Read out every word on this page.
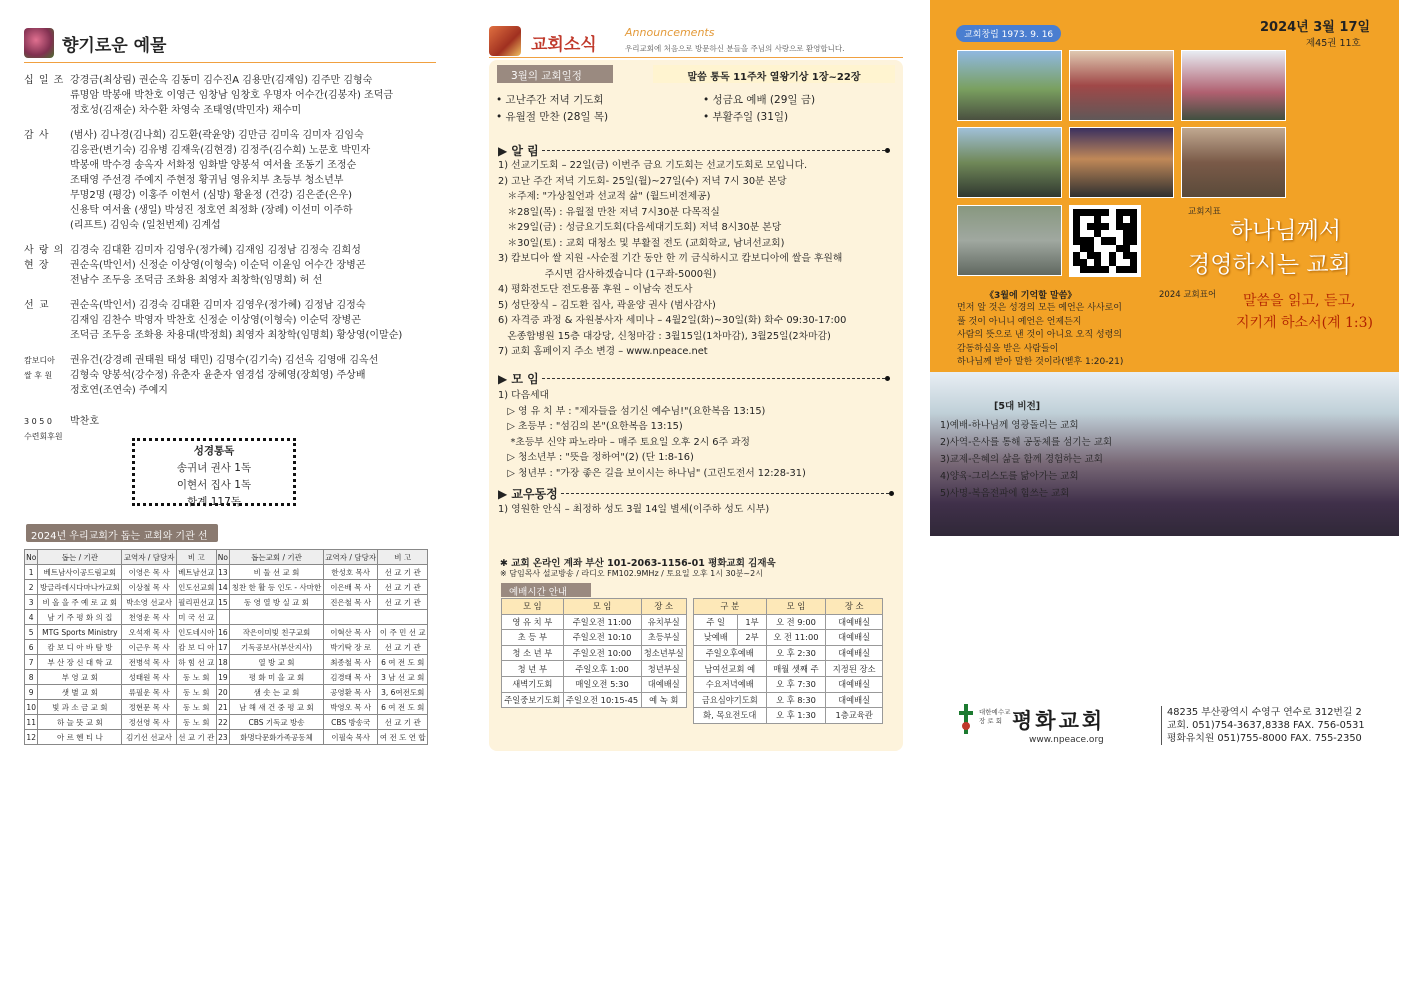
향기로운 예물
십 일 조 강경금(최상림) 권순옥 김동미 김수진A 김용만(김재임) 김주만 김형숙
류명암 박봉애 박찬호 이영근 임창남 임창호 우명자 어수간(김봉자) 조덕금
정호성(김재순) 차수환 차영숙 조태영(박민자) 채수미
감 사	(범사) 김나경(김나희) 김도환(곽윤양) 김만금 김미옥 김미자 김임숙
김응관(변기숙) 김유병 김재욱(김현경) 김정주(김수희) 노문호 박민자
박봉애 박수경 송옥자 서화정 임화발 양봉석 여서율 조동기 조정순
조태영 주선경 주예지 주현정 황귀님 영유치부 초등부 청소년부
무명2명 (평강) 이홍주 이현서 (심방) 황윤정 (건강) 김은준(은우)
신용탁 여서율 (생일) 박성진 정호연 최정화 (장례) 이선미 이주하
(리프트) 김임숙 (일천번제) 김계섭
사 랑 의
현 장
김경숙 김대환 김미자 김영우(정가혜) 김재임 김정남 김정숙 김희성
권순옥(박인서) 신정순 이상영(이형숙) 이순덕 이윤임 어수간 장병곤
전남수 조두응 조덕금 조화용 최영자 최창학(임명희) 허 선
선 교	권순옥(박인서) 김경숙 김대환 김미자 김영우(정가혜) 김정남 김정숙
김재임 김찬수 박영자 박찬호 신정순 이상영(이형숙) 이순덕 장병곤
조덕금 조두응 조화용 차용대(박정희) 최영자 최창학(임명희) 황상영(이말순)
캄보디아
쌀 후 원
권유건(강경례 권태원 태성 태민) 김명수(김기숙) 김선옥 김영애 김옥선
김형숙 양봉석(강수정) 유춘자 윤춘자 염경섭 장혜영(장희영) 주상배
정호연(조연숙) 주예지
3 0 5 0
수련회후원
박찬호
성경통독
송귀녀 권사 1독
이현서 집사 1독
합계 117독
2024년 우리교회가 돕는 교회와 기관 선
No	돕는 / 기관	교역자 / 담당자	비 고	No	돕는교회 / 기관	교역자 / 담당자	비 고
1	베트남사이공드림교회	이영은 목 사	베트남선교	13	비 둘 선 교 회	한성호 목사	선 교 기 관
2	방글라데시다마나카교회	이상철 목 사	인도선교회	14	칭찬 한 활 등 인도 - 사마한	이은배 목 사	선 교 기 관
3	비 올 을 주 예 로 교 회	박소영 선교사	필리핀선교	15	동 영 열 방 실 교 회	진은철 목 사	선 교 기 관
4	남 기 주 평 화 의 집	천영운 목 사	미 국 선 교				
5	MTG Sports Ministry	오석재 목 사	인도네시아	16	작은이미빛 친구교회	이혁산 목 사	이 주 민 선 교
6	캄 보 디 아 바 탐 방	이근우 목 사	캄 보 디 아	17	기독공보사(부산지사)	박기탁 장 로	선 교 기 관
7	부 산 장 신 대 학 교	전병석 목 사	하 힘 선 교	18	열 방 교 회	최종철 목 사	6 여 전 도 회
8	부 영 교 회	성태원 목 사	동 노 회	19	평 화 미 을 교 회	김경태 목 사	3 남 선 교 회
9	샛 별 교 회	류필운 목 사	동 노 회	20	샘 솟 는 교 회	공영환 목 사	3, 6여전도회
10	빛 과 소 금 교 회	정현문 목 사	동 노 회	21	남 해 새 건 중 평 교 회	박영오 목 사	6 여 전 도 회
11	하 늘 뜻 교 회	정선영 목 사	동 노 회	22	CBS 기독교 방송	CBS 방송국	선 교 기 관
12	아 르 헨 티 나	김기선 선교사	선 교 기 관	23	화명다문화가족공동체	이필숙 목사	여 전 도 연 합
교회소식
Announcements
우리교회에 처음으로 방문하신 분들을 주님의 사랑으로 환영합니다.
3월의 교회일정	말씀 통독 11주차 열왕기상 1장~22장
• 고난주간 저녁 기도회
• 유월절 만찬 (28일 목)
• 성금요 예배 (29일 금)
• 부활주일 (31일)
▶ 알 림
1) 선교기도회 – 22일(금) 이번주 금요 기도회는 선교기도회로 모입니다.
2) 고난 주간 저녁 기도회- 25일(월)~27일(수) 저녁 7시 30분 본당
＊주제: "가상칠언과 선교적 삶" (월드비전제공)
＊28일(목) : 유월절 만찬 저녁 7시30분 다목적실
＊29일(금) : 성금요기도회(다음세대기도회) 저녁 8시30분 본당
＊30일(토) : 교회 대청소 및 부활절 전도 (교회학교, 남녀선교회)
3) 캄보디아 쌀 지원 -사순절 기간 동안 한 끼 금식하시고 캄보디아에 쌀을 후원해
주시면 감사하겠습니다 (1구좌-5000원)
4) 평화전도단 전도용품 후원 – 이남숙 전도사
5) 성단장식 – 김도환 집사, 곽윤양 권사 (범사감사)
6) 자격증 과정 & 자원봉사자 세미나 – 4월2일(화)~30일(화) 화수 09:30-17:00
온종합병원 15층 대강당, 신청마감 : 3월15일(1차마감), 3월25일(2차마감)
7) 교회 홈페이지 주소 변경 – www.npeace.net
▶ 모 임
1) 다음세대
▷ 영 유 치 부 : "제자들을 섬기신 예수님!"(요한복음 13:15)
▷ 초등부 : "섬김의 본"(요한복음 13:15)
*초등부 신약 파노라마 – 매주 토요일 오후 2시 6주 과정
▷ 청소년부 : "뜻을 정하여"(2) (단 1:8-16)
▷ 청년부 : "가장 좋은 길을 보이시는 하나님" (고린도전서 12:28-31)
▶ 교우동정
1) 영원한 안식 – 최정하 성도 3월 14일 별세(이주하 성도 시부)
✱ 교회 온라인 계좌 부산 101-2063-1156-01 평화교회 김재욱
※ 담임목사 설교방송 / 라디오 FM102.9MHz / 토요일 오후 1시 30분~2시
예배시간 안내
모 임	모 임	장 소
영 유 치 부	주일오전 11:00	유치부실
초 등 부	주일오전 10:10	초등부실
청 소 년 부	주일오전 10:00	청소년부실
청 년 부	주일오후 1:00	청년부실
새벽기도회	매일오전 5:30	대예배실
주일중보기도회	주일오전 10:15-45	예 녹 회
구 분		모 임	장 소
주 일	1부	오 전 9:00	대예배실
낮예배	2부	오 전 11:00	대예배실
주일오후예배		오 후 2:30	대예배실
남여선교회 예		매월 셋째 주	지정된 장소
수요저녁예배		오 후 7:30	대예배실
금요심야기도회		오 후 8:30	대예배실
화, 목요전도대		오 후 1:30	1층교육관
교회창립 1973. 9. 16	2024년 3월 17일
제45권 11호
교회지표
하나님께서
경영하시는 교회
2024 교회표어 말씀을 읽고, 듣고,
지키게 하소서(계 1:3)
《3월에 기억할 말씀》
먼저 알 것은 성경의 모든 예언은 사사로이
풀 것이 아니니 예언은 언제든지
사람의 뜻으로 낸 것이 아니요 오직 성령의
감동하심을 받은 사람들이
하나님께 받아 말한 것이라(벧후 1:20-21)
[5대 비전]
1)예배-하나님께 영광돌리는 교회
2)사역-은사를 통해 공동체를 섬기는 교회
3)교제-은혜의 삶을 함께 경험하는 교회
4)양육-그리스도를 닮아가는 교회
5)사명-복음전파에 힘쓰는 교회
대한예수교
장 로 회 평화교회
www.npeace.org
48235 부산광역시 수영구 연수로 312번길 2
교회. 051)754-3637,8338 FAX. 756-0531
평화유치원 051)755-8000 FAX. 755-2350
